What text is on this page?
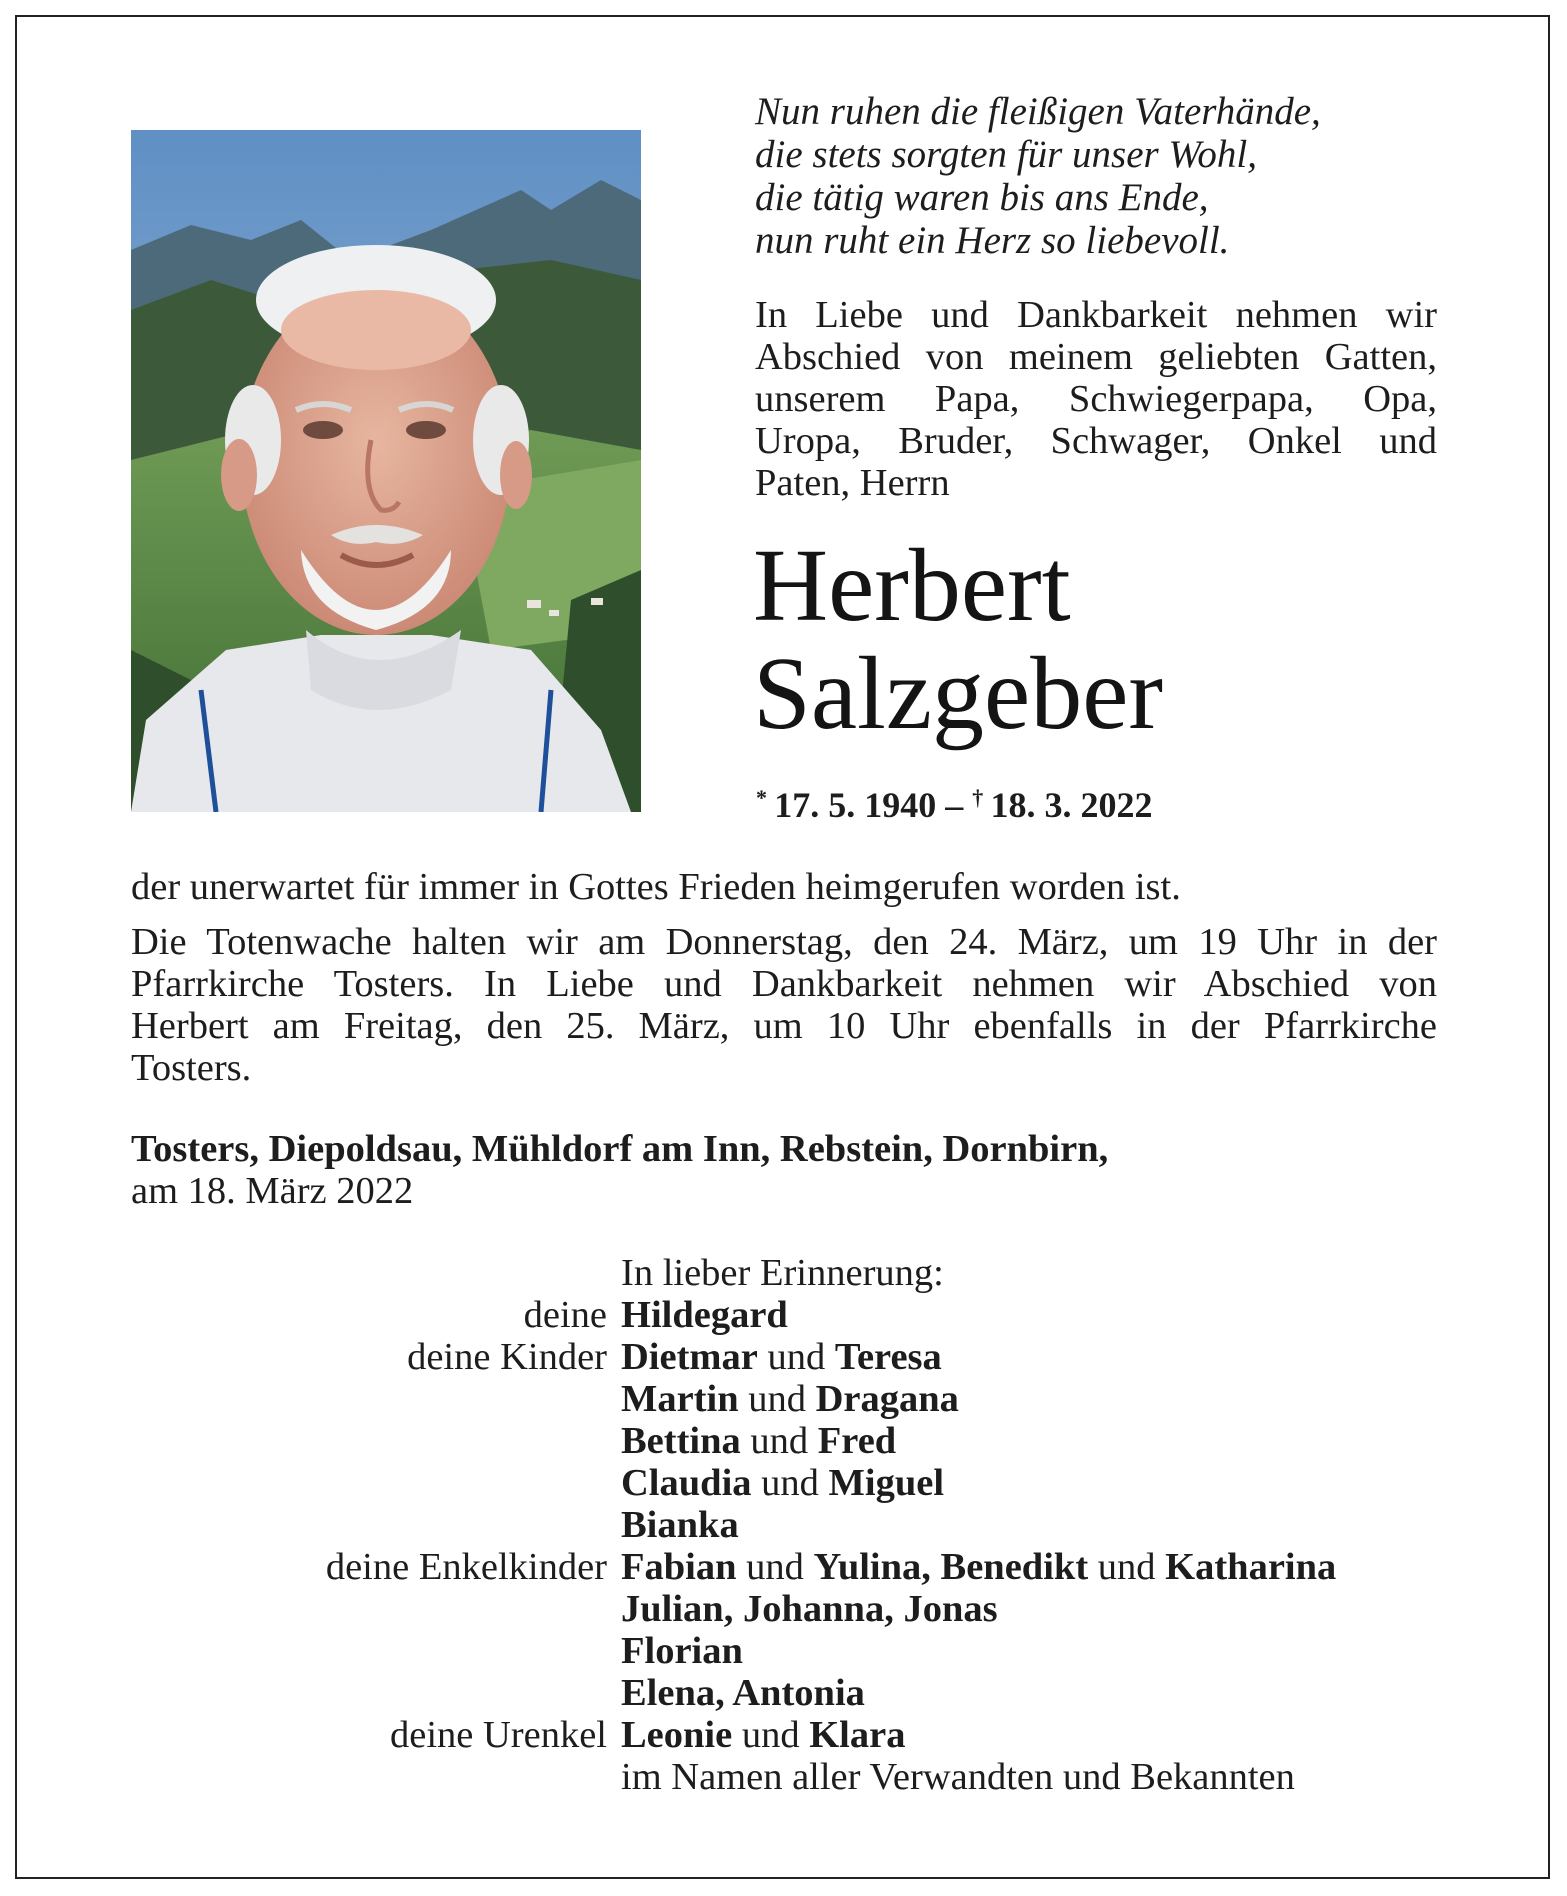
Nun ruhen die fleißigen Vaterhände,
die stets sorgten für unser Wohl,
die tätig waren bis ans Ende,
nun ruht ein Herz so liebevoll.
In Liebe und Dankbarkeit nehmen wir
Abschied von meinem geliebten Gatten,
unserem Papa, Schwiegerpapa, Opa,
Uropa, Bruder, Schwager, Onkel und
Paten, Herrn
Herbert
Salzgeber
*  17. 5. 1940 – †  18. 3. 2022
der unerwartet für immer in Gottes Frieden heimgerufen worden ist.
Die Totenwache halten wir am Donnerstag, den 24. März, um 19 Uhr in der
Pfarrkirche Tosters. In Liebe und Dankbarkeit nehmen wir Abschied von
Herbert am Freitag, den 25. März, um 10 Uhr ebenfalls in der Pfarrkirche
Tosters.
Tosters, Diepoldsau, Mühldorf am Inn, Rebstein, Dornbirn,
am 18. März 2022
In lieber Erinnerung:
deine Hildegard
deine Kinder Dietmar und Teresa
Martin und Dragana
Bettina und Fred
Claudia und Miguel
Bianka
deine Enkelkinder Fabian und Yulina, Benedikt und Katharina
Julian, Johanna, Jonas
Florian
Elena, Antonia
deine Urenkel Leonie und Klara
im Namen aller Verwandten und Bekannten
